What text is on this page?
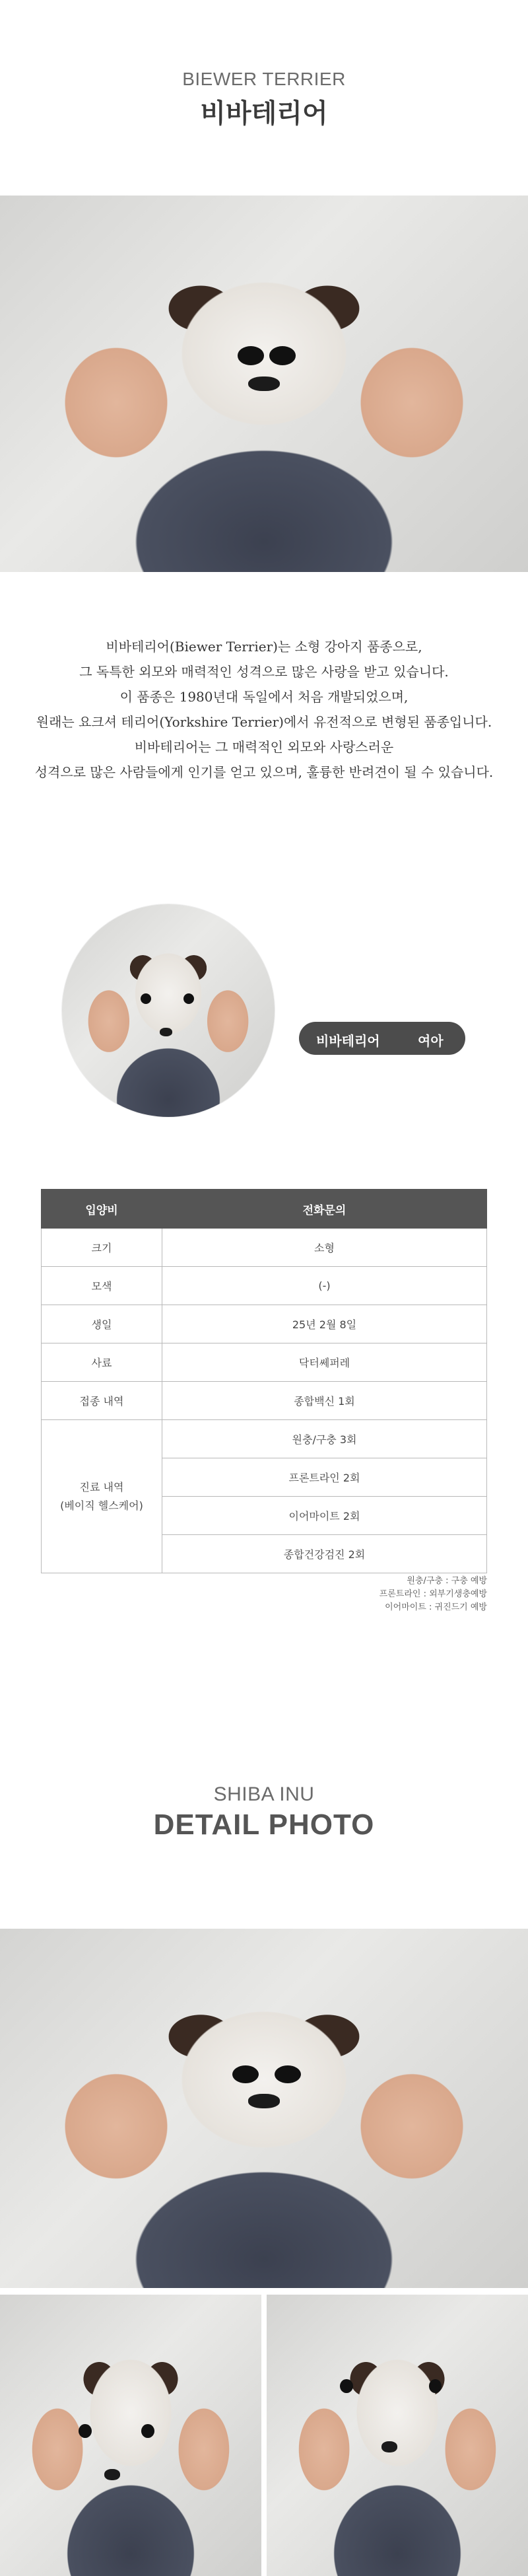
BIEWER TERRIER
비바테리어

비바테리어(Biewer Terrier)는 소형 강아지 품종으로,

그 독특한 외모와 매력적인 성격으로 많은 사랑을 받고 있습니다.

이 품종은 1980년대 독일에서 처음 개발되었으며,

원래는 요크셔 테리어(Yorkshire Terrier)에서 유전적으로 변형된 품종입니다.

비바테리어는 그 매력적인 외모와 사랑스러운

성격으로 많은 사람들에게 인기를 얻고 있으며, 훌륭한 반려견이 될 수 있습니다.

비바테리어	여아
입양비	전화문의
크기	소형
모색	(-)
생일	25년 2월 8일
사료	닥터쎄퍼레
접종 내역	종합백신 1회

진료 내역
(베이직 헬스케어)	원충/구충 3회
	프론트라인 2회
	이어마이트 2회
	종합건강검진 2회

원충/구충 : 구충 예방

프론트라인 : 외부기생충예방

이어마이트 : 귀진드기 예방

SHIBA INU
DETAIL PHOTO
